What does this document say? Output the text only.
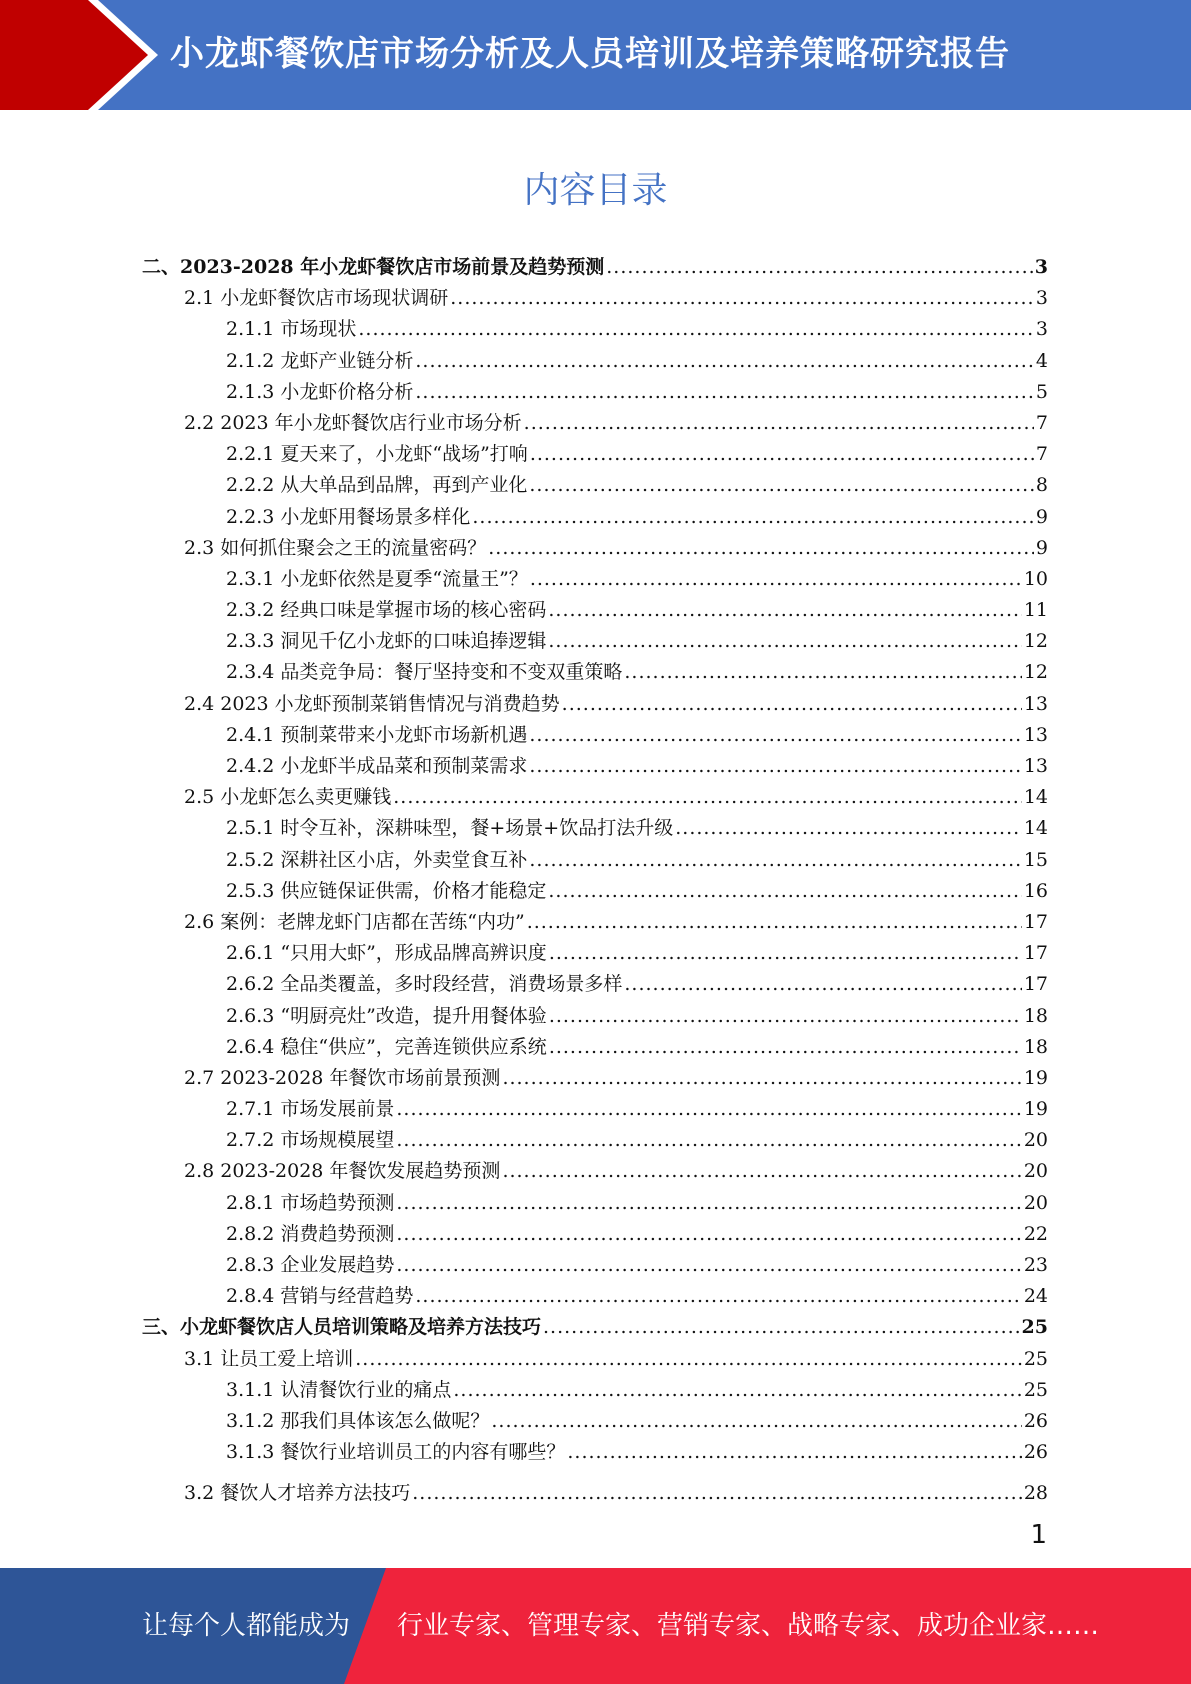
小龙虾餐饮店市场分析及人员培训及培养策略研究报告
内容目录
二、2023-2028 年小龙虾餐饮店市场前景及趋势预测 .....	3
2.1 小龙虾餐饮店市场现状调研 .....	3
2.1.1 市场现状 .....	3
2.1.2 龙虾产业链分析 .....	4
2.1.3 小龙虾价格分析 .....	5
2.2 2023 年小龙虾餐饮店行业市场分析 .....	7
2.2.1 夏天来了，小龙虾“战场”打响 .....	7
2.2.2 从大单品到品牌，再到产业化 .....	8
2.2.3 小龙虾用餐场景多样化 .....	9
2.3 如何抓住聚会之王的流量密码？ .....	9
2.3.1 小龙虾依然是夏季“流量王”？ .....	10
2.3.2 经典口味是掌握市场的核心密码 .....	11
2.3.3 洞见千亿小龙虾的口味追捧逻辑 .....	12
2.3.4 品类竞争局：餐厅坚持变和不变双重策略 .....	12
2.4 2023 小龙虾预制菜销售情况与消费趋势 .....	13
2.4.1 预制菜带来小龙虾市场新机遇 .....	13
2.4.2 小龙虾半成品菜和预制菜需求 .....	13
2.5 小龙虾怎么卖更赚钱 .....	14
2.5.1 时令互补，深耕味型，餐+场景+饮品打法升级 .....	14
2.5.2 深耕社区小店，外卖堂食互补 .....	15
2.5.3 供应链保证供需，价格才能稳定 .....	16
2.6 案例：老牌龙虾门店都在苦练“内功” .....	17
2.6.1 “只用大虾”，形成品牌高辨识度 .....	17
2.6.2 全品类覆盖，多时段经营，消费场景多样 .....	17
2.6.3 “明厨亮灶”改造，提升用餐体验 .....	18
2.6.4 稳住“供应”，完善连锁供应系统 .....	18
2.7 2023-2028 年餐饮市场前景预测 .....	19
2.7.1 市场发展前景 .....	19
2.7.2 市场规模展望 .....	20
2.8 2023-2028 年餐饮发展趋势预测 .....	20
2.8.1 市场趋势预测 .....	20
2.8.2 消费趋势预测 .....	22
2.8.3 企业发展趋势 .....	23
2.8.4 营销与经营趋势 .....	24
三、小龙虾餐饮店人员培训策略及培养方法技巧 .....	25
3.1 让员工爱上培训 .....	25
3.1.1 认清餐饮行业的痛点 .....	25
3.1.2 那我们具体该怎么做呢？ .....	26
3.1.3 餐饮行业培训员工的内容有哪些？ .....	26
3.2 餐饮人才培养方法技巧 .....	28
1
让每个人都能成为 行业专家、管理专家、营销专家、战略专家、成功企业家……
